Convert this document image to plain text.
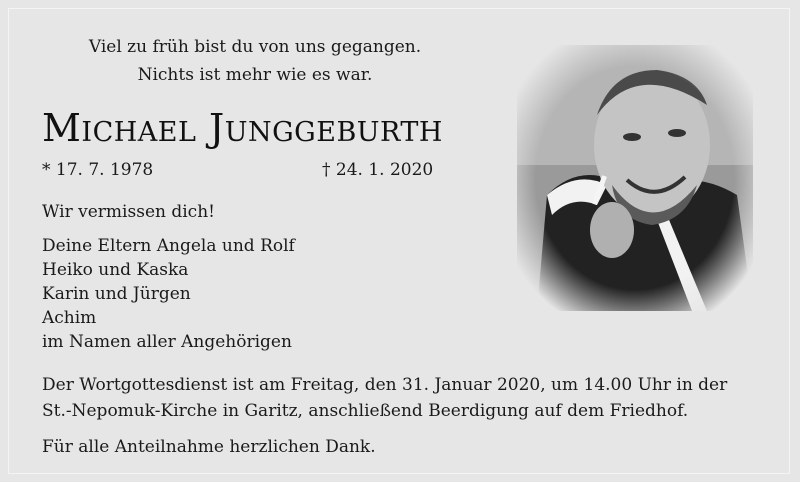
Viel zu früh bist du von uns gegangen.
Nichts ist mehr wie es war.
Michael Junggeburth
* 17. 7. 1978	† 24. 1. 2020
Wir vermissen dich!
Deine Eltern Angela und Rolf
Heiko und Kaska
Karin und Jürgen
Achim
im Namen aller Angehörigen
Der Wortgottesdienst ist am Freitag, den 31. Januar 2020, um 14.00 Uhr in der
St.-Nepomuk-Kirche in Garitz, anschließend Beerdigung auf dem Friedhof.
Für alle Anteilnahme herzlichen Dank.
